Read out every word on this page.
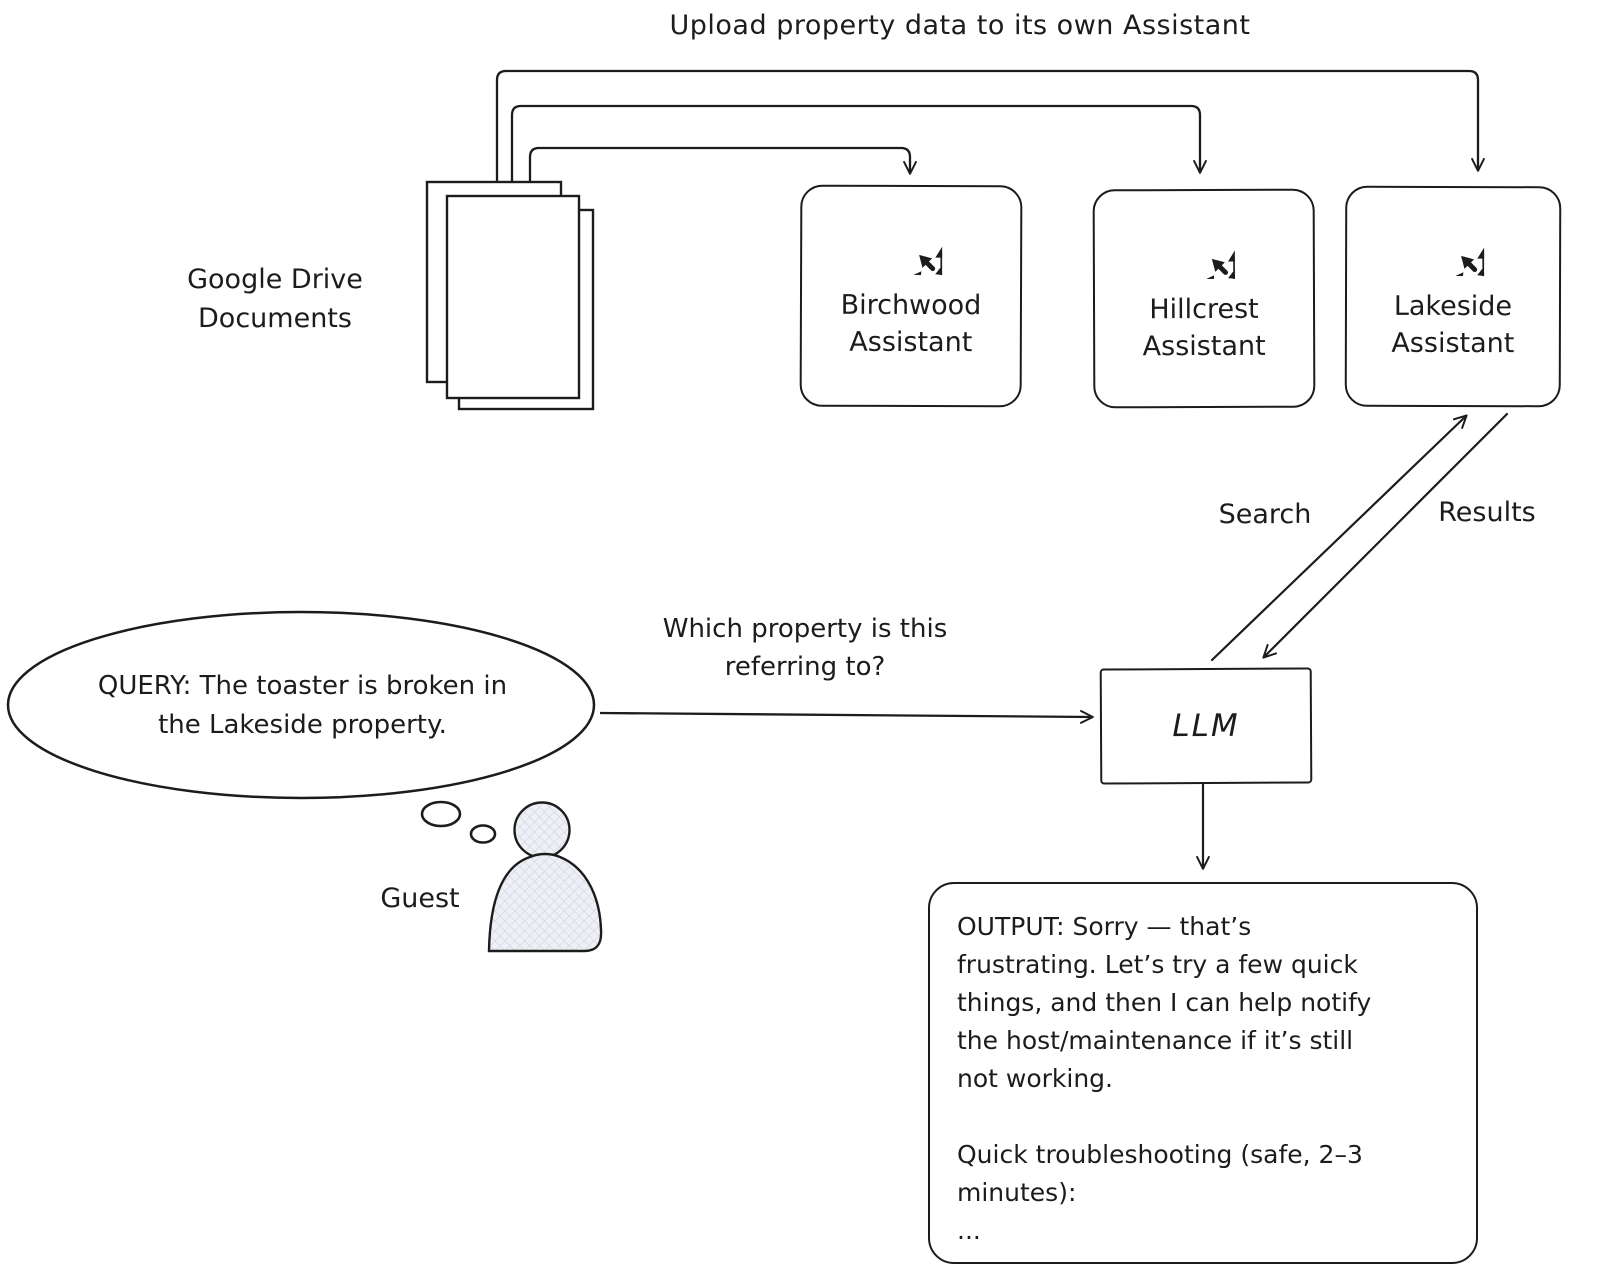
Upload property data to its own Assistant
Google Drive
Documents	Birchwood
Assistant
Hillcrest
Assistant
Lakeside
Assistant
Search	Results
Which property is this
referring to?
QUERY: The toaster is broken in
the Lakeside property.
Guest
LLM
OUTPUT: Sorry — that’s
frustrating. Let’s try a few quick
things, and then I can help notify
the host/maintenance if it’s still
not working.
Quick troubleshooting (safe, 2–3
minutes):
...
